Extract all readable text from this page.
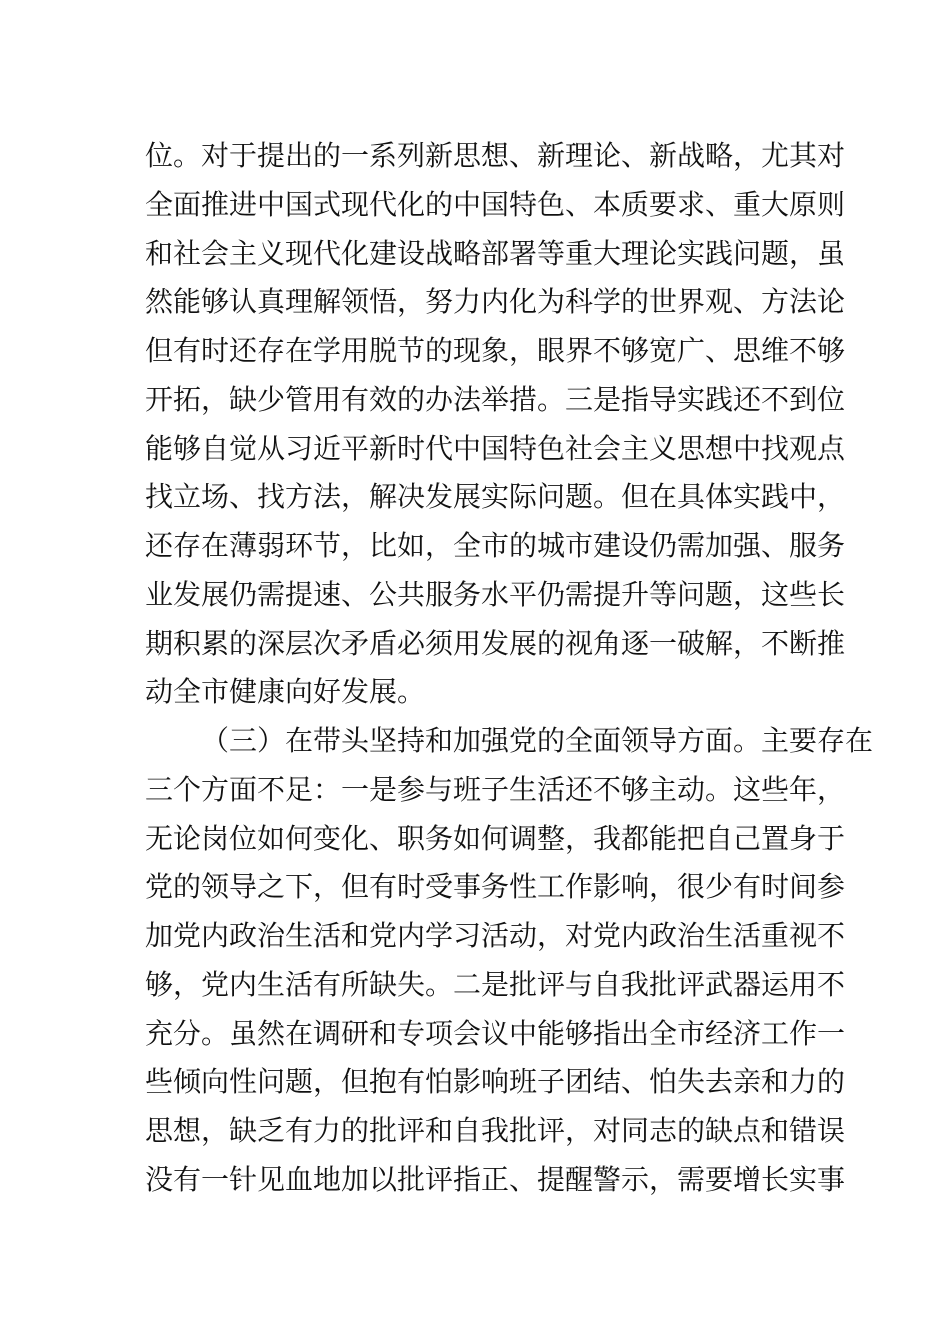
位。对于提出的一系列新思想、新理论、新战略，尤其对
全面推进中国式现代化的中国特色、本质要求、重大原则
和社会主义现代化建设战略部署等重大理论实践问题，虽
然能够认真理解领悟，努力内化为科学的世界观、方法论
但有时还存在学用脱节的现象，眼界不够宽广、思维不够
开拓，缺少管用有效的办法举措。三是指导实践还不到位
能够自觉从习近平新时代中国特色社会主义思想中找观点
找立场、找方法，解决发展实际问题。但在具体实践中，
还存在薄弱环节，比如，全市的城市建设仍需加强、服务
业发展仍需提速、公共服务水平仍需提升等问题，这些长
期积累的深层次矛盾必须用发展的视角逐一破解，不断推
动全市健康向好发展。
（三）在带头坚持和加强党的全面领导方面。主要存在
三个方面不足：一是参与班子生活还不够主动。这些年，
无论岗位如何变化、职务如何调整，我都能把自己置身于
党的领导之下，但有时受事务性工作影响，很少有时间参
加党内政治生活和党内学习活动，对党内政治生活重视不
够，党内生活有所缺失。二是批评与自我批评武器运用不
充分。虽然在调研和专项会议中能够指出全市经济工作一
些倾向性问题，但抱有怕影响班子团结、怕失去亲和力的
思想，缺乏有力的批评和自我批评，对同志的缺点和错误
没有一针见血地加以批评指正、提醒警示，需要增长实事
